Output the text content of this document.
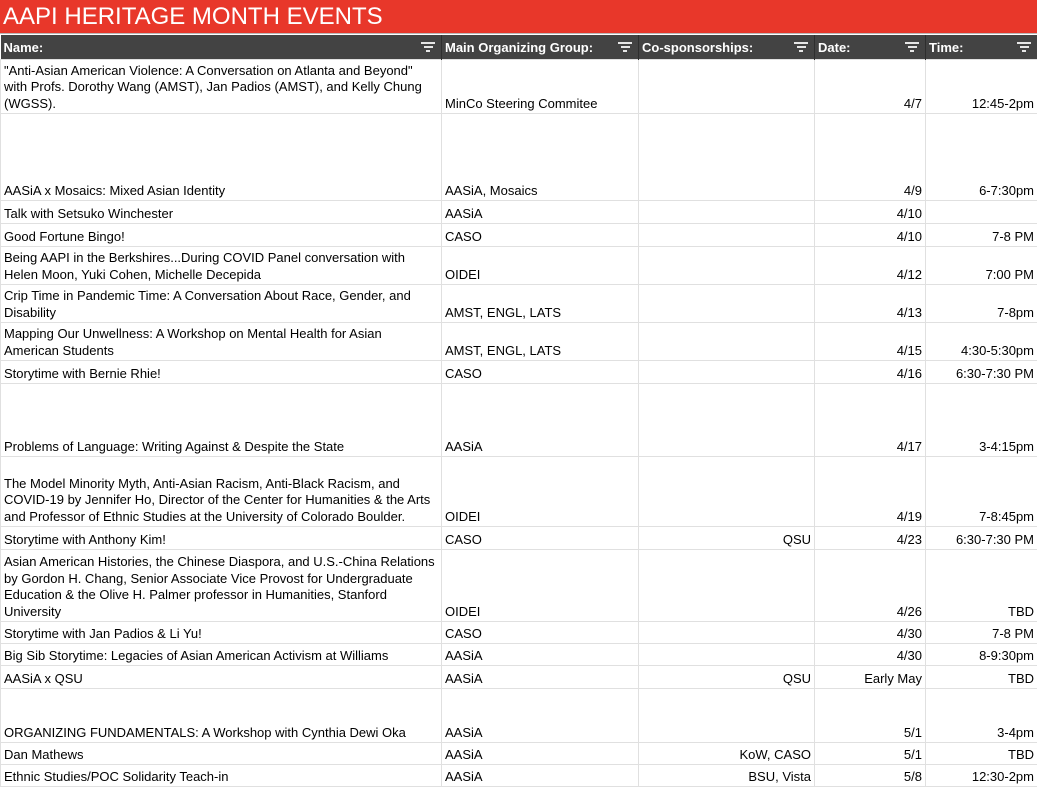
AAPI HERITAGE MONTH EVENTS
Name:	Main Organizing Group:	Co-sponsorships:	Date:	Time:

"Anti-Asian American Violence: A Conversation on Atlanta and Beyond" with Profs. Dorothy Wang (AMST), Jan Padios (AMST), and Kelly Chung (WGSS).	MinCo Steering Commitee		4/7	12:45-2pm
AASiA x Mosaics: Mixed Asian Identity	AASiA, Mosaics		4/9	6-7:30pm
Talk with Setsuko Winchester	AASiA		4/10	
Good Fortune Bingo!	CASO		4/10	7-8 PM
Being AAPI in the Berkshires...During COVID Panel conversation with Helen Moon, Yuki Cohen, Michelle Decepida	OIDEI		4/12	7:00 PM
Crip Time in Pandemic Time: A Conversation About Race, Gender, and Disability	AMST, ENGL, LATS		4/13	7-8pm
Mapping Our Unwellness: A Workshop on Mental Health for Asian American Students	AMST, ENGL, LATS		4/15	4:30-5:30pm
Storytime with Bernie Rhie!	CASO		4/16	6:30-7:30 PM
Problems of Language: Writing Against & Despite the State	AASiA		4/17	3-4:15pm
The Model Minority Myth, Anti-Asian Racism, Anti-Black Racism, and COVID-19 by Jennifer Ho, Director of the Center for Humanities & the Arts and Professor of Ethnic Studies at the University of Colorado Boulder.	OIDEI		4/19	7-8:45pm
Storytime with Anthony Kim!	CASO	QSU	4/23	6:30-7:30 PM
Asian American Histories, the Chinese Diaspora, and U.S.-China Relations by Gordon H. Chang, Senior Associate Vice Provost for Undergraduate Education & the Olive H. Palmer professor in Humanities, Stanford University	OIDEI		4/26	TBD
Storytime with Jan Padios & Li Yu!	CASO		4/30	7-8 PM
Big Sib Storytime: Legacies of Asian American Activism at Williams	AASiA		4/30	8-9:30pm
AASiA x QSU	AASiA	QSU	Early May	TBD
ORGANIZING FUNDAMENTALS: A Workshop with Cynthia Dewi Oka	AASiA		5/1	3-4pm
Dan Mathews	AASiA	KoW, CASO	5/1	TBD
Ethnic Studies/POC Solidarity Teach-in	AASiA	BSU, Vista	5/8	12:30-2pm
